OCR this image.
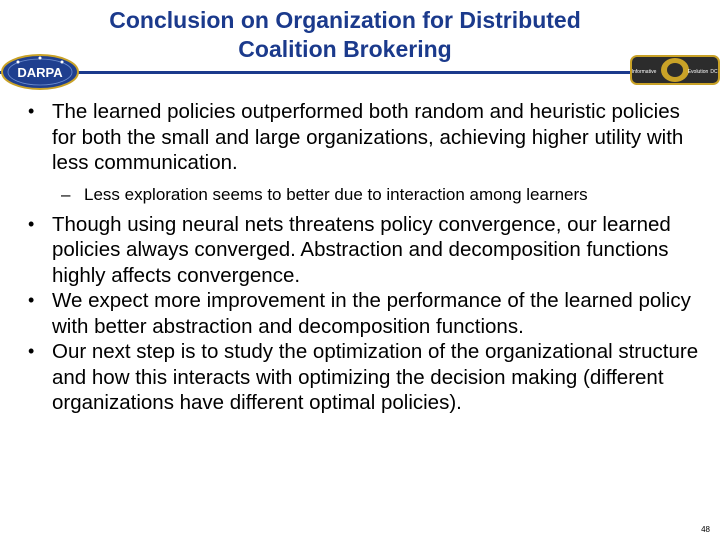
Conclusion on Organization for Distributed
Coalition Brokering
DARPA	Informative	Evolution DC
• The learned policies outperformed both random and heuristic policies for both the small and large organizations, achieving higher utility with less communication.
– Less exploration seems to better due to interaction among learners
• Though using neural nets threatens policy convergence, our learned policies always converged. Abstraction and decomposition functions highly affects convergence.
• We expect more improvement in the performance of the learned policy with better abstraction and decomposition functions.
• Our next step is to study the optimization of the organizational structure and how this interacts with optimizing the decision making (different organizations have different optimal policies).
48
